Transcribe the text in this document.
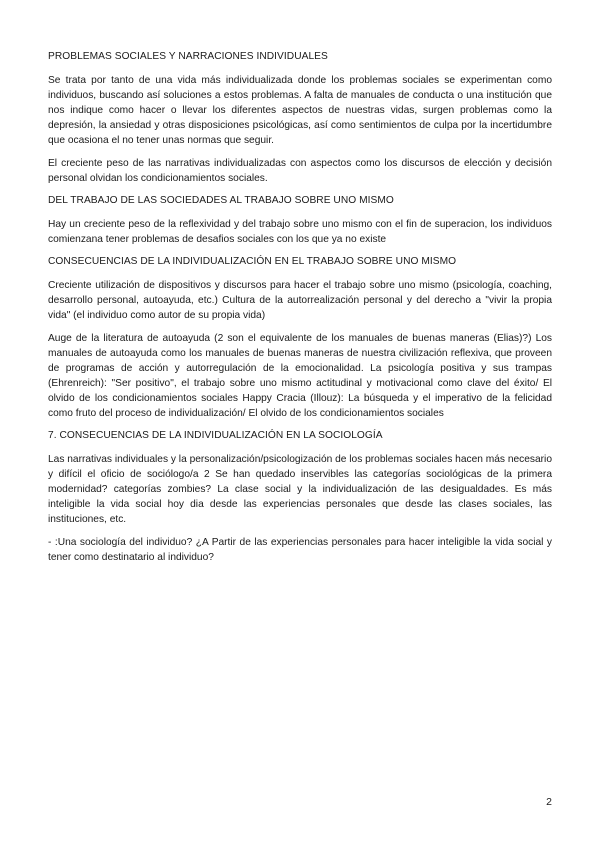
PROBLEMAS SOCIALES Y NARRACIONES INDIVIDUALES

Se trata por tanto de una vida más individualizada donde los problemas sociales se experimentan como individuos, buscando así soluciones a estos problemas. A falta de manuales de conducta o una institución que nos indique como hacer o llevar los diferentes aspectos de nuestras vidas, surgen problemas como la depresión, la ansiedad y otras disposiciones psicológicas, así como sentimientos de culpa por la incertidumbre que ocasiona el no tener unas normas que seguir.

El creciente peso de las narrativas individualizadas con aspectos como los discursos de elección y decisión personal olvidan los condicionamientos sociales.

DEL TRABAJO DE LAS SOCIEDADES AL TRABAJO SOBRE UNO MISMO

Hay un creciente peso de la reflexividad y del trabajo sobre uno mismo con el fin de superacion, los individuos comienzana tener problemas de desafios sociales con los que ya no existe

CONSECUENCIAS DE LA INDIVIDUALIZACIÓN EN EL TRABAJO SOBRE UNO MISMO

Creciente utilización de dispositivos y discursos para hacer el trabajo sobre uno mismo (psicología, coaching, desarrollo personal, autoayuda, etc.) Cultura de la autorrealización personal y del derecho a "vivir la propia vida" (el individuo como autor de su propia vida)

Auge de la literatura de autoayuda (2 son el equivalente de los manuales de buenas maneras (Elias)?) Los manuales de autoayuda como los manuales de buenas maneras de nuestra civilización reflexiva, que proveen de programas de acción y autorregulación de la emocionalidad. La psicología positiva y sus trampas (Ehrenreich): "Ser positivo", el trabajo sobre uno mismo actitudinal y motivacional como clave del éxito/ El olvido de los condicionamientos sociales Happy Cracia (Illouz): La búsqueda y el imperativo de la felicidad como fruto del proceso de individualización/ El olvido de los condicionamientos sociales

7. CONSECUENCIAS DE LA INDIVIDUALIZACIÓN EN LA SOCIOLOGÍA

Las narrativas individuales y la personalización/psicologización de los problemas sociales hacen más necesario y difícil el oficio de sociólogo/a 2 Se han quedado inservibles las categorías sociológicas de la primera modernidad? categorías zombies? La clase social y la individualización de las desigualdades. Es más inteligible la vida social hoy dia desde las experiencias personales que desde las clases sociales, las instituciones, etc.

- :Una sociología del individuo? ¿A Partir de las experiencias personales para hacer inteligible la vida social y tener como destinatario al individuo?

2
